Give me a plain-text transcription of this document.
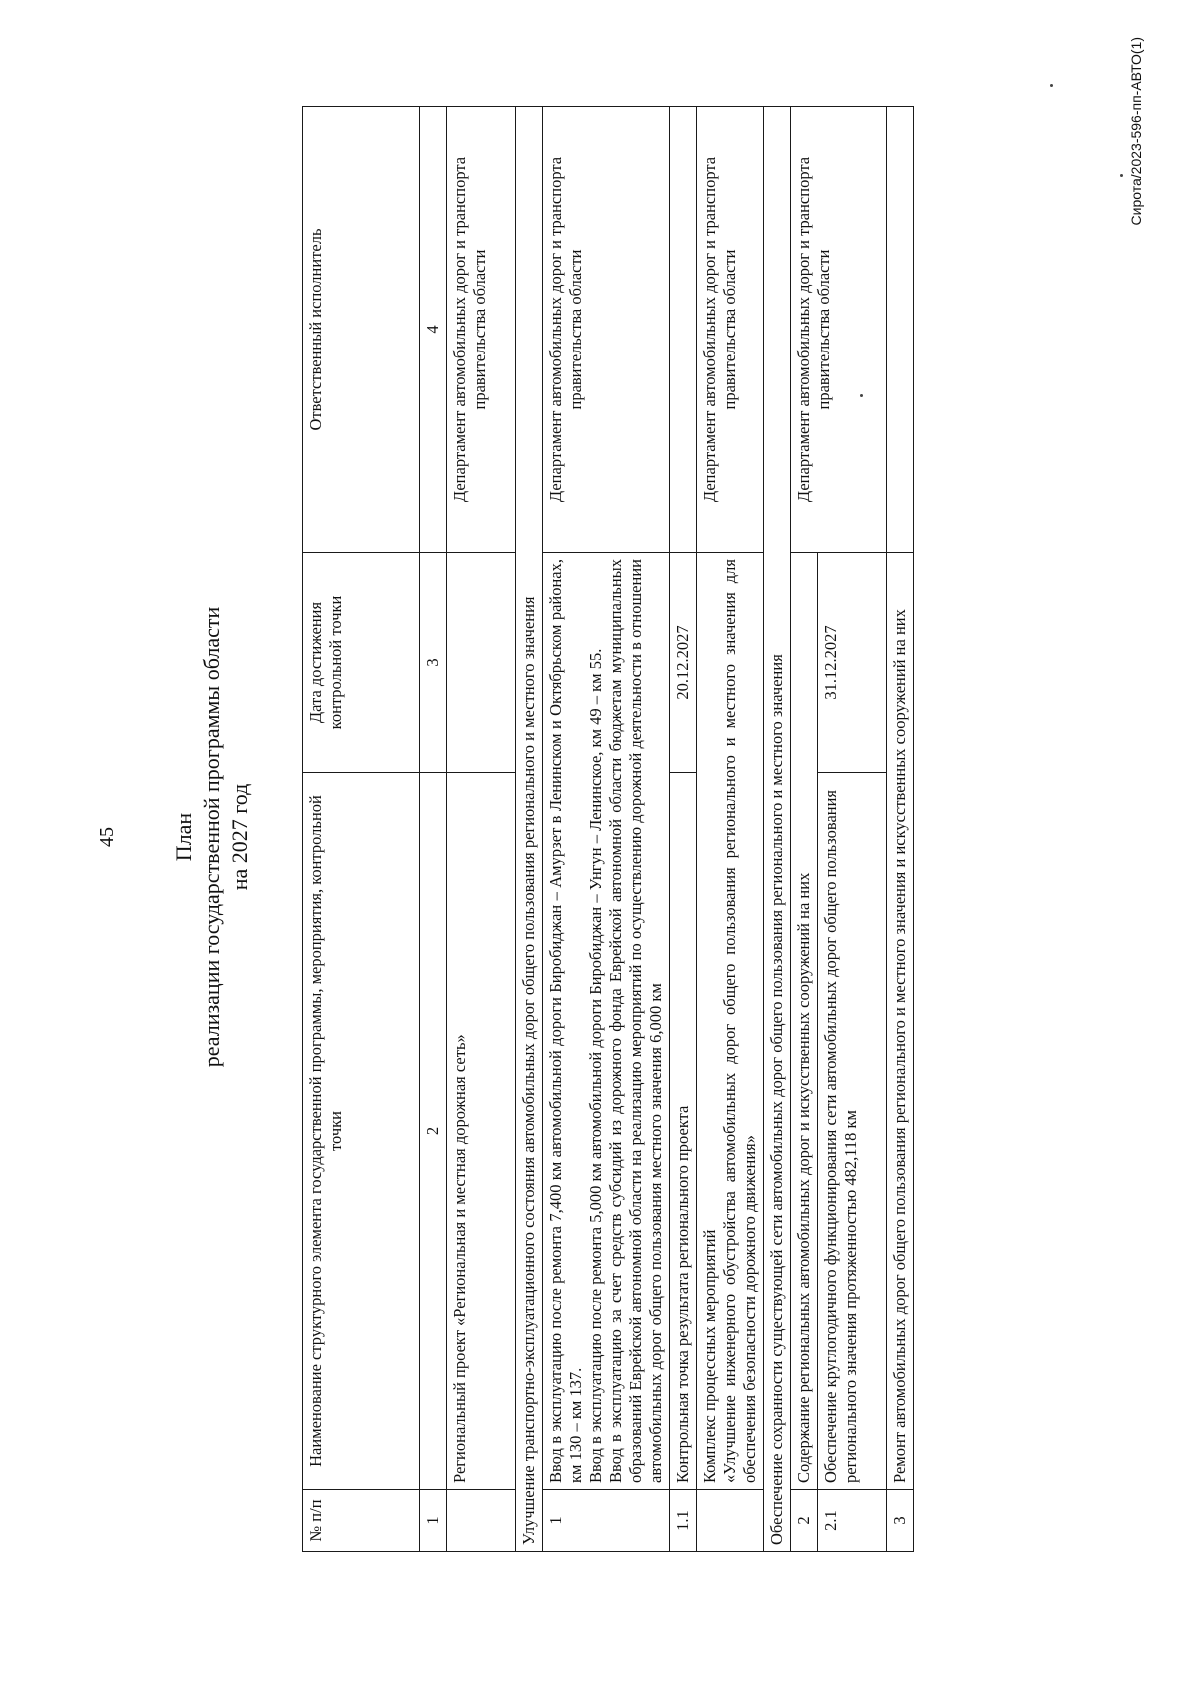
45 План реализации государственной программы области на 2027 год
№ п/п	Наименование структурного элемента государственной программы, мероприятия, контрольной точки	Дата достижения контрольной точки	Ответственный исполнитель
1	2	3	4
	Региональный проект «Региональная и местная дорожная сеть»		Департамент автомобильных дорог и транспорта правительства области
Улучшение транспортно-эксплуатационного состояния автомобильных дорог общего пользования регионального и местного значения			
1	Ввод в эксплуатацию после ремонта 7,400 км автомобильной дороги Биробиджан – Амурзет в Ленинском и Октябрьском районах, км 130 – км 137. Ввод в эксплуатацию после ремонта 5,000 км автомобильной дороги Биробиджан – Унгун – Ленинское, км 49 – км 55. Ввод в эксплуатацию за счет средств субсидий из дорожного фонда Еврейской автономной области бюджетам муниципальных образований Еврейской автономной области на реализацию мероприятий по осуществлению дорожной деятельности в отношении автомобильных дорог общего пользования местного значения 6,000 км		Департамент автомобильных дорог и транспорта правительства области
1.1	Контрольная точка результата регионального проекта	20.12.2027	

	Комплекс процессных мероприятий «Улучшение инженерного обустройства автомобильных дорог общего пользования регионального и местного значения для обеспечения безопасности дорожного движения»		Департамент автомобильных дорог и транспорта правительства области
Обеспечение сохранности существующей сети автомобильных дорог общего пользования регионального и местного значения			
2	Содержание региональных автомобильных дорог и искусственных сооружений на них		Департамент автомобильных дорог и транспорта правительства области
2.1	Обеспечение круглогодичного функционирования сети автомобильных дорог общего пользования регионального значения протяженностью 482,118 км	31.12.2027	
3	Ремонт автомобильных дорог общего пользования регионального и местного значения и искусственных сооружений на них		
Сирота/2023-596-пп-АВТО(1)
